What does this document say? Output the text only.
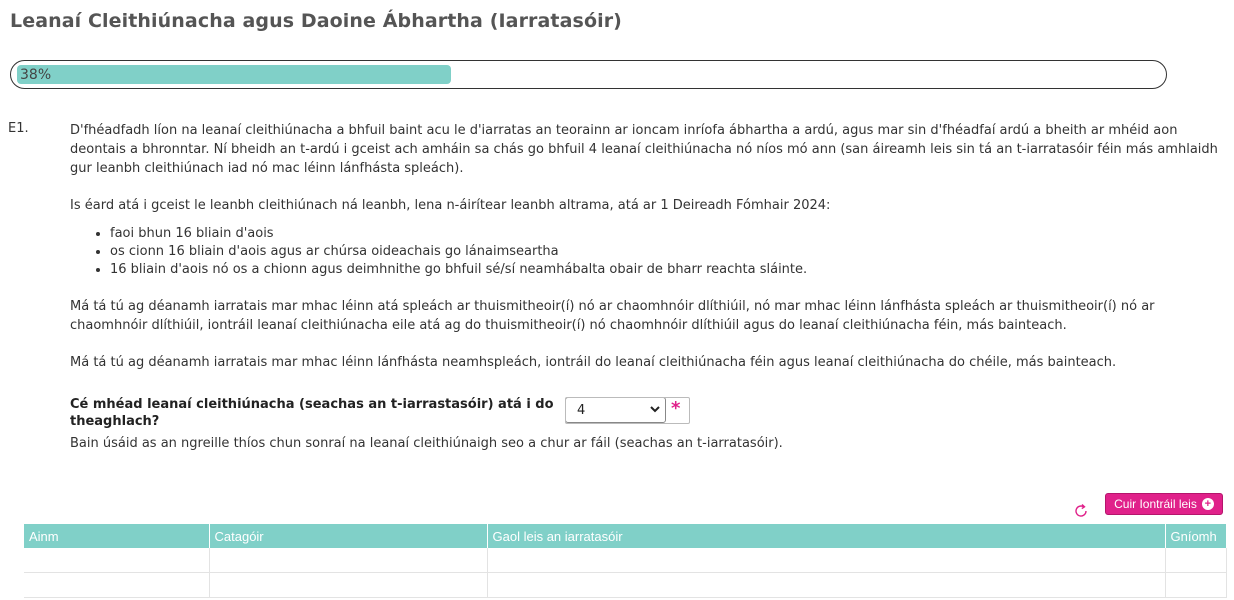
Leanaí Cleithiúnacha agus Daoine Ábhartha (Iarratasóir)
38%
E1.	D'fhéadfadh líon na leanaí cleithiúnacha a bhfuil baint acu le d'iarratas an teorainn ar ioncam inríofa ábhartha a ardú, agus mar sin d'fhéadfaí ardú a bheith ar mhéid aon deontais a bhronntar. Ní bheidh an t-ardú i gceist ach amháin sa chás go bhfuil 4 leanaí cleithiúnacha nó níos mó ann (san áireamh leis sin tá an t-iarratasóir féin más amhlaidh gur leanbh cleithiúnach iad nó mac léinn lánfhásta spleách).

Is éard atá i gceist le leanbh cleithiúnach ná leanbh, lena n-áirítear leanbh altrama, atá ar 1 Deireadh Fómhair 2024:

• faoi bhun 16 bliain d'aois
• os cionn 16 bliain d'aois agus ar chúrsa oideachais go lánaimseartha
• 16 bliain d'aois nó os a chionn agus deimhnithe go bhfuil sé/sí neamhábalta obair de bharr reachta sláinte.

Má tá tú ag déanamh iarratais mar mhac léinn atá spleách ar thuismitheoir(í) nó ar chaomhnóir dlíthiúil, nó mar mhac léinn lánfhásta spleách ar thuismitheoir(í) nó ar chaomhnóir dlíthiúil, iontráil leanaí cleithiúnacha eile atá ag do thuismitheoir(í) nó chaomhnóir dlíthiúil agus do leanaí cleithiúnacha féin, más bainteach.

Má tá tú ag déanamh iarratais mar mhac léinn lánfhásta neamhspleách, iontráil do leanaí cleithiúnacha féin agus leanaí cleithiúnacha do chéile, más bainteach.

Cé mhéad leanaí cleithiúnacha (seachas an t-iarrastasóir) atá i do theaghlach?
4	*
Bain úsáid as an ngreille thíos chun sonraí na leanaí cleithiúnaigh seo a chur ar fáil (seachas an t-iarratasóir).
Cuir Iontráil leis +
Ainm	Catagóir	Gaol leis an iarratasóir	Gníomh
